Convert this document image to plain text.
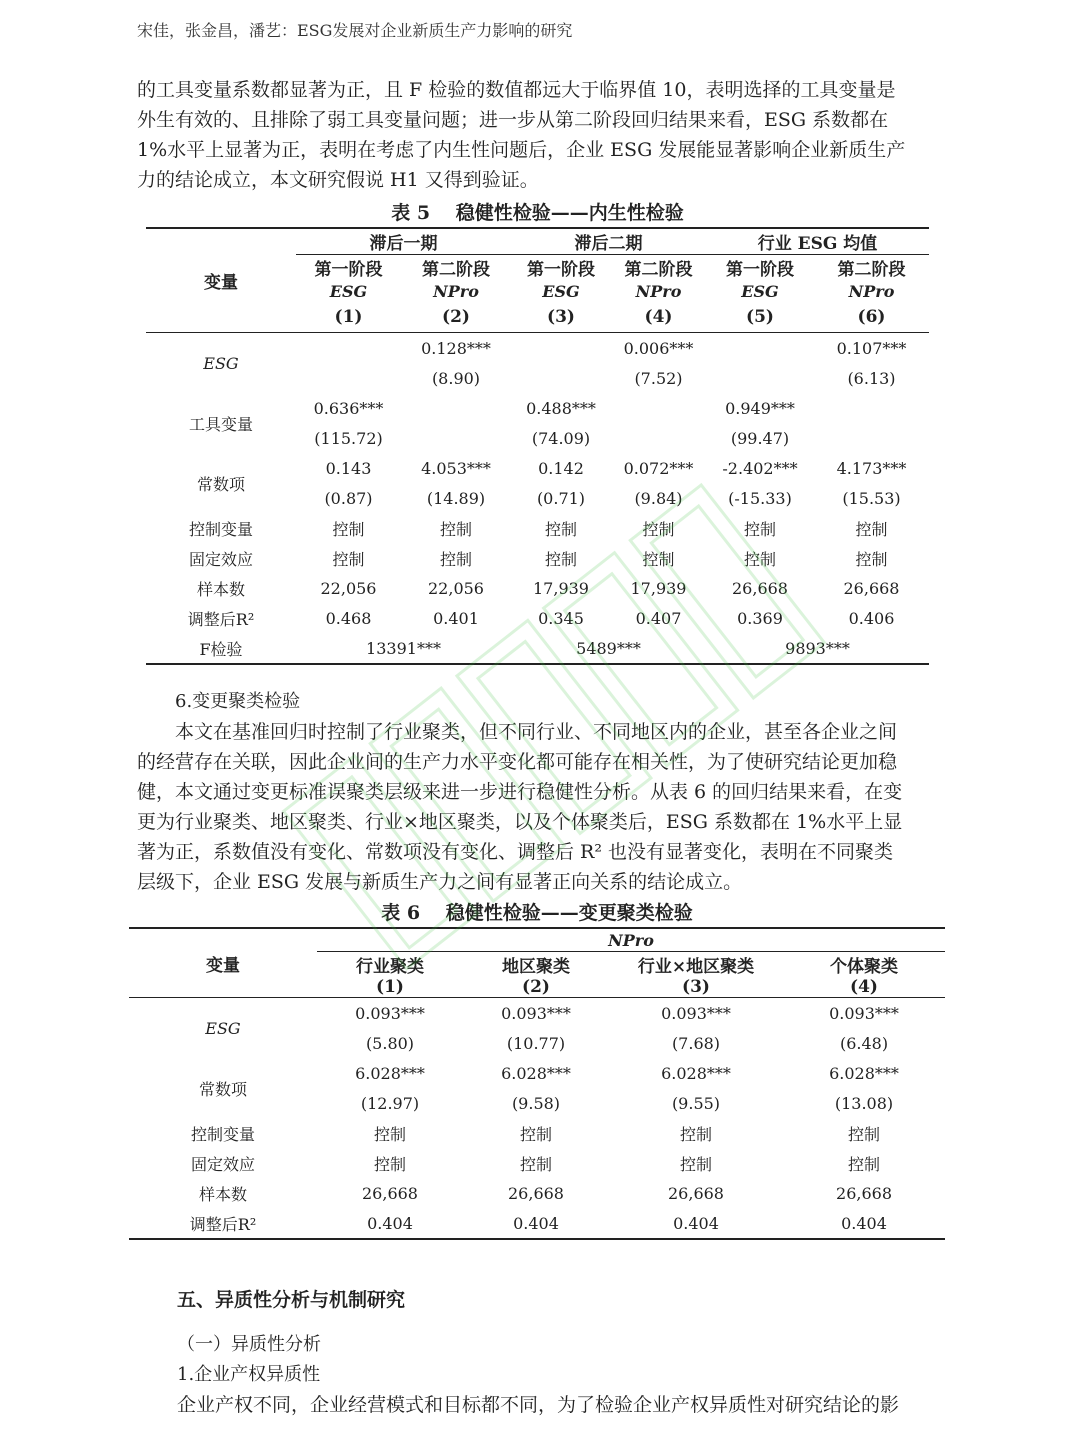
宋佳，张金昌，潘艺：ESG发展对企业新质生产力影响的研究
的工具变量系数都显著为正，且 F 检验的数值都远大于临界值 10，表明选择的工具变量是
外生有效的、且排除了弱工具变量问题；进一步从第二阶段回归结果来看，ESG 系数都在
1%水平上显著为正，表明在考虑了内生性问题后，企业 ESG 发展能显著影响企业新质生产
力的结论成立，本文研究假说 H1 又得到验证。
表 5　 稳健性检验——内生性检验
变量	滞后一期		滞后二期		行业 ESG 均值	
	第一阶段	第二阶段	第一阶段	第二阶段	第一阶段	第二阶段
	ESG	NPro	ESG	NPro	ESG	NPro
	(1)	(2)	(3)	(4)	(5)	(6)
ESG		0.128***		0.006***		0.107***
		(8.90)		(7.52)		(6.13)
工具变量	0.636***		0.488***		0.949***	
	(115.72)		(74.09)		(99.47)	
常数项	0.143	4.053***	0.142	0.072***	-2.402***	4.173***
	(0.87)	(14.89)	(0.71)	(9.84)	(-15.33)	(15.53)
控制变量	控制	控制	控制	控制	控制	控制
固定效应	控制	控制	控制	控制	控制	控制
样本数	22,056	22,056	17,939	17,939	26,668	26,668
调整后R²	0.468	0.401	0.345	0.407	0.369	0.406
F检验	13391***		5489***		9893***	
6.变更聚类检验
　　本文在基准回归时控制了行业聚类，但不同行业、不同地区内的企业，甚至各企业之间
的经营存在关联，因此企业间的生产力水平变化都可能存在相关性，为了使研究结论更加稳
健，本文通过变更标准误聚类层级来进一步进行稳健性分析。从表 6 的回归结果来看，在变
更为行业聚类、地区聚类、行业×地区聚类，以及个体聚类后，ESG 系数都在 1%水平上显
著为正，系数值没有变化、常数项没有变化、调整后 R² 也没有显著变化，表明在不同聚类
层级下，企业 ESG 发展与新质生产力之间有显著正向关系的结论成立。
表 6　 稳健性检验——变更聚类检验
变量	NPro			
	行业聚类	地区聚类	行业×地区聚类	个体聚类
	(1)	(2)	(3)	(4)
ESG	0.093***	0.093***	0.093***	0.093***
	(5.80)	(10.77)	(7.68)	(6.48)
常数项	6.028***	6.028***	6.028***	6.028***
	(12.97)	(9.58)	(9.55)	(13.08)
控制变量	控制	控制	控制	控制
固定效应	控制	控制	控制	控制
样本数	26,668	26,668	26,668	26,668
调整后R²	0.404	0.404	0.404	0.404
五、异质性分析与机制研究
（一）异质性分析
1.企业产权异质性
企业产权不同，企业经营模式和目标都不同，为了检验企业产权异质性对研究结论的影
